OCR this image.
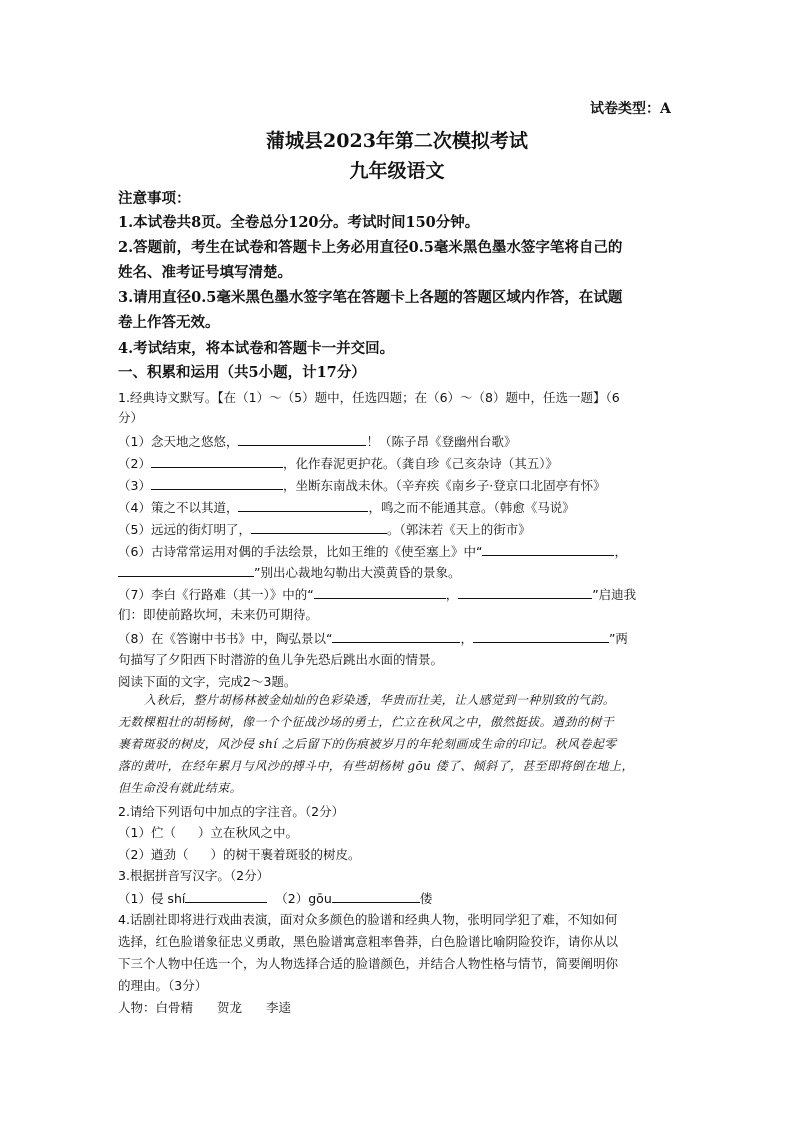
试卷类型：A
蒲城县2023年第二次模拟考试
九年级语文
注意事项：
1.本试卷共8页。全卷总分120分。考试时间150分钟。
2.答题前，考生在试卷和答题卡上务必用直径0.5毫米黑色墨水签字笔将自己的
姓名、准考证号填写清楚。
3.请用直径0.5毫米黑色墨水签字笔在答题卡上各题的答题区域内作答，在试题
卷上作答无效。
4.考试结束，将本试卷和答题卡一并交回。
一、积累和运用（共5小题，计17分）
1.经典诗文默写。【在（1）～（5）题中，任选四题；在（6）～（8）题中，任选一题】（6
分）
（1）念天地之悠悠，	！（陈子昂《登幽州台歌》
（2）	，化作春泥更护花。（龚自珍《己亥杂诗（其五）》
（3）	，坐断东南战未休。（辛弃疾《南乡子·登京口北固亭有怀》
（4）策之不以其道，	，鸣之而不能通其意。（韩愈《马说》
（5）远远的街灯明了，	。（郭沫若《天上的街市》
（6）古诗常常运用对偶的手法绘景，比如王维的《使至塞上》中“	，
”别出心裁地勾勒出大漠黄昏的景象。
（7）李白《行路难（其一）》中的“	，	”启迪我
们：即使前路坎坷，未来仍可期待。
（8）在《答谢中书书》中，陶弘景以“	，	”两
句描写了夕阳西下时潜游的鱼儿争先恐后跳出水面的情景。
阅读下面的文字，完成2～3题。
入秋后，整片胡杨林被金灿灿的色彩染透，华贵而壮美，让人感觉到一种别致的气韵。
无数棵粗壮的胡杨树，像一个个征战沙场的勇士，伫立在秋风之中，傲然挺拔。遒劲的树干
裹着斑驳的树皮，风沙侵 shí 之后留下的伤痕被岁月的年轮刻画成生命的印记。秋风卷起零
落的黄叶，在经年累月与风沙的搏斗中，有些胡杨树 gōu 偻了、倾斜了，甚至即将倒在地上，
但生命没有就此结束。
2.请给下列语句中加点的字注音。（2分）
（1）伫（ ）立在秋风之中。
（2）遒劲（ ）的树干裹着斑驳的树皮。
3.根据拼音写汉字。（2分）
（1）侵 shí	（2）gōu	偻
4.话剧社即将进行戏曲表演，面对众多颜色的脸谱和经典人物，张明同学犯了难，不知如何
选择，红色脸谱象征忠义勇敢，黑色脸谱寓意粗率鲁莽，白色脸谱比喻阴险狡诈，请你从以
下三个人物中任选一个，为人物选择合适的脸谱颜色，并结合人物性格与情节，简要阐明你
的理由。（3分）
人物：白骨精 贺龙 李逵
